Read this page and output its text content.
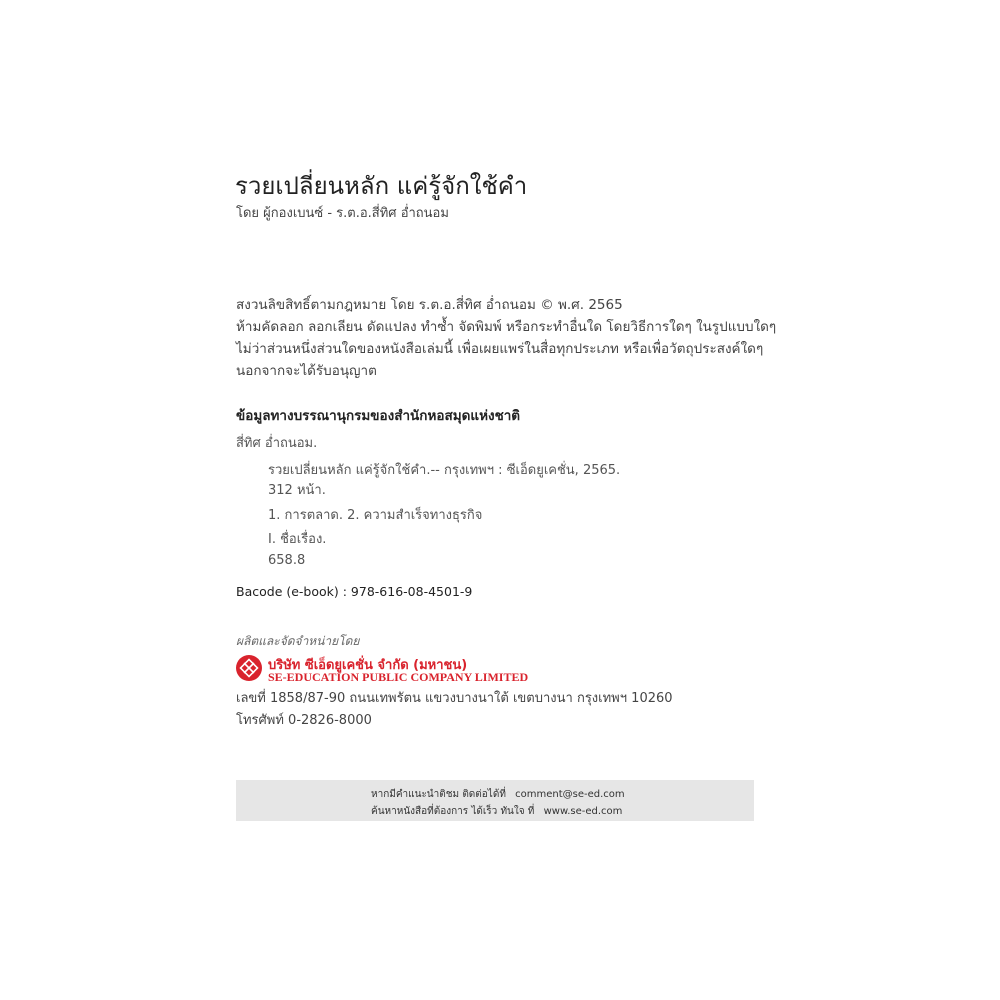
รวยเปลี่ยนหลัก แค่รู้จักใช้คำ
โดย ผู้กองเบนซ์ - ร.ต.อ.สี่ทิศ อ่ำถนอม
สงวนลิขสิทธิ์ตามกฎหมาย โดย ร.ต.อ.สี่ทิศ อ่ำถนอม © พ.ศ. 2565
ห้ามคัดลอก ลอกเลียน ดัดแปลง ทำซ้ำ จัดพิมพ์ หรือกระทำอื่นใด โดยวิธีการใดๆ ในรูปแบบใดๆ
ไม่ว่าส่วนหนึ่งส่วนใดของหนังสือเล่มนี้ เพื่อเผยแพร่ในสื่อทุกประเภท หรือเพื่อวัตถุประสงค์ใดๆ
นอกจากจะได้รับอนุญาต
ข้อมูลทางบรรณานุกรมของสำนักหอสมุดแห่งชาติ
สี่ทิศ อ่ำถนอม.
รวยเปลี่ยนหลัก แค่รู้จักใช้คำ.-- กรุงเทพฯ : ซีเอ็ดยูเคชั่น, 2565.
312 หน้า.
1. การตลาด. 2. ความสำเร็จทางธุรกิจ
I. ชื่อเรื่อง.
658.8
Bacode (e-book) : 978-616-08-4501-9
ผลิตและจัดจำหน่ายโดย
บริษัท ซีเอ็ดยูเคชั่น จำกัด (มหาชน)
SE-EDUCATION PUBLIC COMPANY LIMITED
เลขที่ 1858/87-90 ถนนเทพรัตน แขวงบางนาใต้ เขตบางนา กรุงเทพฯ 10260
โทรศัพท์ 0-2826-8000
หากมีคำแนะนำติชม ติดต่อได้ที่ comment@se-ed.com
ค้นหาหนังสือที่ต้องการ ได้เร็ว ทันใจ ที่ www.se-ed.com
